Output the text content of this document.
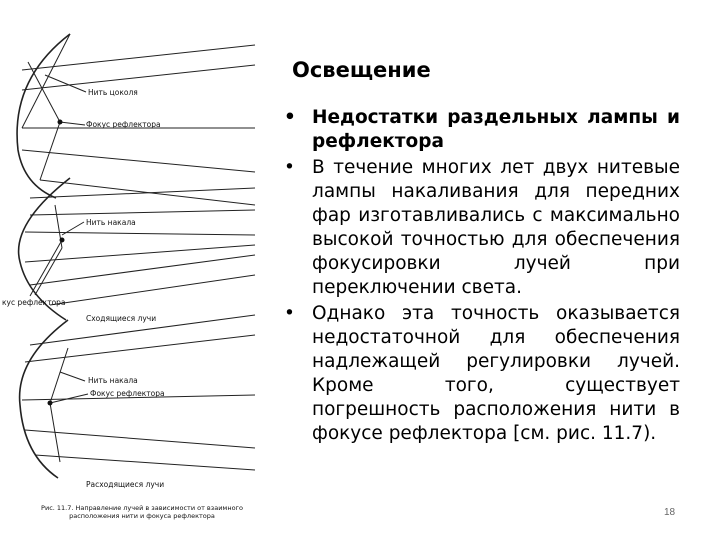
Нить цоколя
Фокус рефлектора
Нить накала
кус рефлектора
Сходящиеся лучи
Нить накала
Фокус рефлектора
Расходящиеся лучи
Рис. 11.7. Направление лучей в зависимости от взаимного расположения нити и фокуса рефлектора
Освещение
• Недостатки раздельных лампы и рефлектора
• В течение многих лет двух нитевые лампы накаливания для передних фар изготавливались с максимально высокой точностью для обеспечения фокусировки лучей при переключении света.
• Однако эта точность оказывается недостаточной для обеспечения надлежащей регулировки лучей. Кроме того, существует погрешность расположения нити в фокусе рефлектора [см. рис. 11.7).
18
